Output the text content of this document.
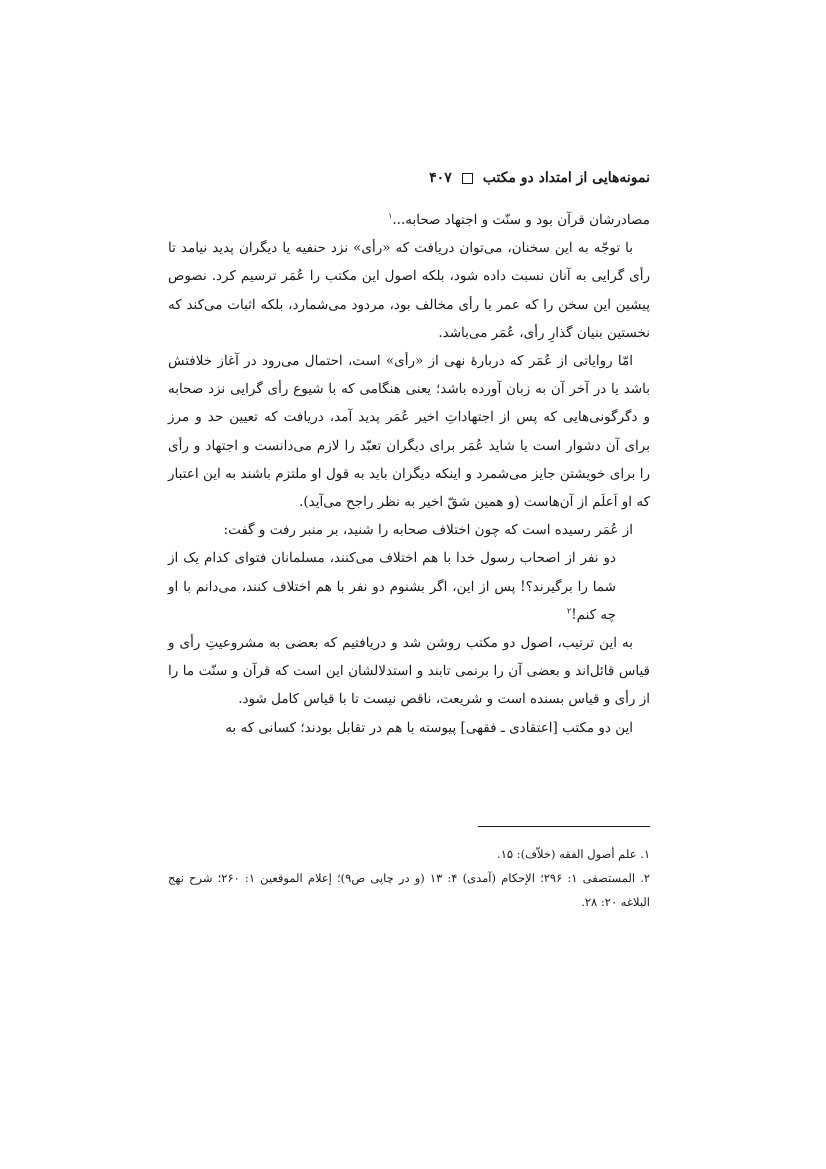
نمونه‌هایی از امتداد دو مکتب
۴۰۷

مصادرشان قرآن بود و سنّت و اجتهاد صحابه...$^۱$

با توجّه به این سخنان، می‌توان دریافت که «رأی» نزد حنفیه یا دیگران پدید نیامد تا رأی گرایی به آنان نسبت داده شود، بلکه اصول این مکتب را عُمَر ترسیم کرد. نصوص پیشین این سخن را که عمر با رأی مخالف بود، مردود می‌شمارد، بلکه اثبات می‌کند که نخستین بنیان گذارِ رأی، عُمَر می‌باشد.

امّا روایاتی از عُمَر که دربارهٔ نهی از «رأی» است، احتمال می‌رود در آغاز خلافتش باشد یا در آخر آن به زبان آورده باشد؛ یعنی هنگامی که با شیوع رأی گرایی نزد صحابه و دگرگونی‌هایی که پس از اجتهاداتِ اخیر عُمَر پدید آمد، دریافت که تعیین حد و مرز برای آن دشوار است یا شاید عُمَر برای دیگران تعبّد را لازم می‌دانست و اجتهاد و رأی را برای خویشتن جایز می‌شمرد و اینکه دیگران باید به قول او ملتزم باشند به این اعتبار که او اَعلَم از آن‌هاست (و همین شقّ اخیر به نظر راجح می‌آید).

از عُمَر رسیده است که چون اختلاف صحابه را شنید، بر منبر رفت و گفت:

دو نفر از اصحاب رسول خدا با هم اختلاف می‌کنند، مسلمانان فتوای کدام یک از شما را برگیرند؟! پس از این، اگر بشنوم دو نفر با هم اختلاف کنند، می‌دانم با او چه کنم!$^۲$

به این ترتیب، اصول دو مکتب روشن شد و دریافتیم که بعضی به مشروعیتِ رأی و قیاس قائل‌اند و بعضی آن را برنمی تابند و استدلالشان این است که قرآن و سنّت ما را از رأی و قیاس بسنده است و شریعت، ناقص نیست تا با قیاس کامل شود.

این دو مکتب [اعتقادی ـ فقهی] پیوسته با هم در تقابل بودند؛ کسانی که به

۱. علم أصول الفقه (خلاّف): ۱۵.

۲. المستصفی ۱: ۲۹۶؛ الإحکام (آمدی) ۴: ۱۳ (و در چاپی ص۹)؛ إعلام الموقعین ۱: ۲۶۰؛ شرح نهج البلاغه ۲۰: ۲۸.
